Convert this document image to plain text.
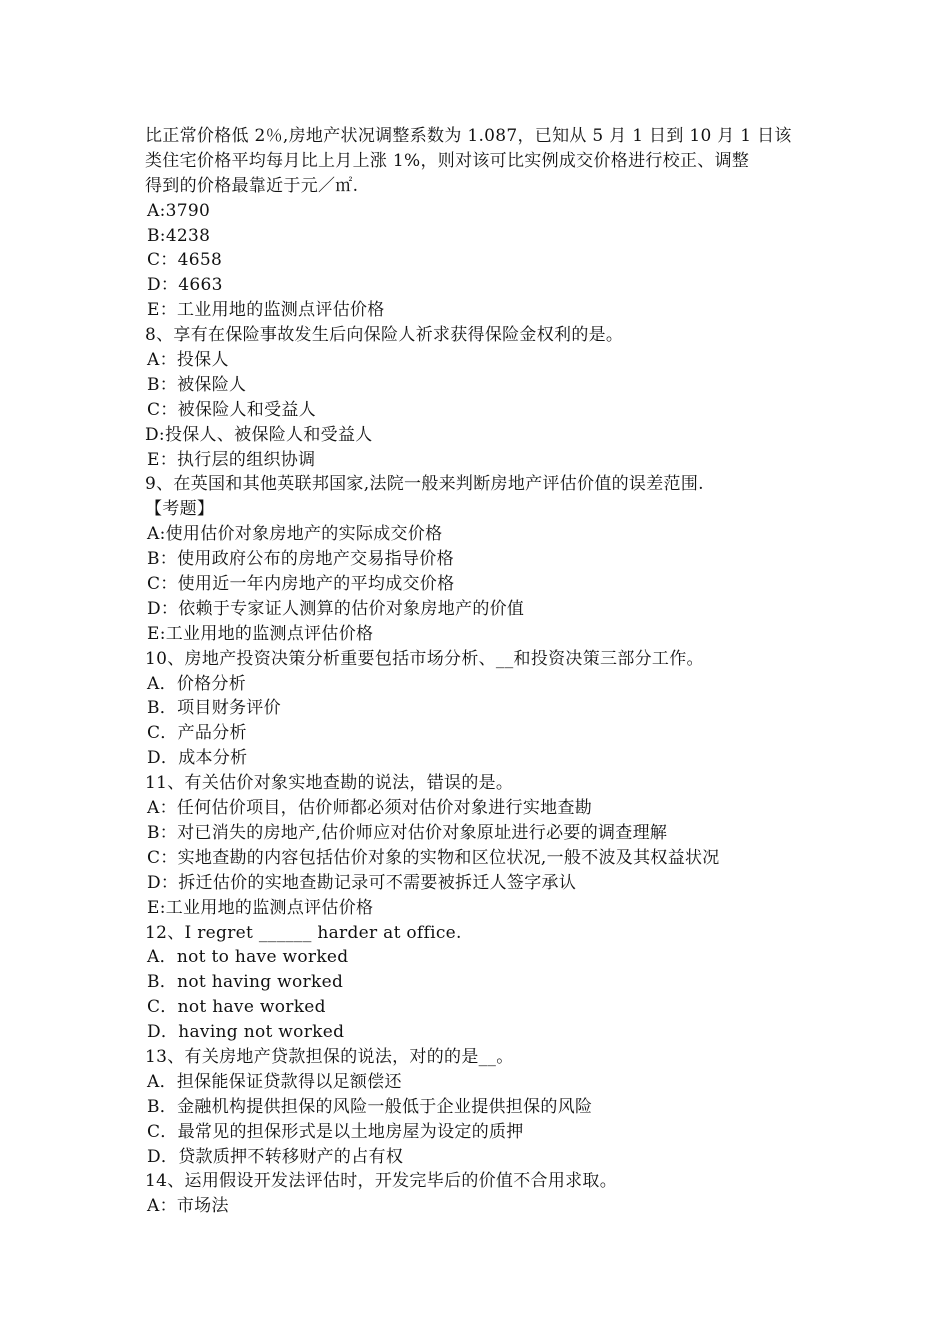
比正常价格低 2％,房地产状况调整系数为 1.087，已知从 5 月 1 日到 10 月 1 日该
类住宅价格平均每月比上月上涨 1%，则对该可比实例成交价格进行校正、调整
得到的价格最靠近于元／㎡.
A:3790
B:4238
C：4658
D：4663
E：工业用地的监测点评估价格
8、享有在保险事故发生后向保险人祈求获得保险金权利的是。
A：投保人
B：被保险人
C：被保险人和受益人
D:投保人、被保险人和受益人
E：执行层的组织协调
9、在英国和其他英联邦国家,法院一般来判断房地产评估价值的误差范围.
【考题】
A:使用估价对象房地产的实际成交价格
B：使用政府公布的房地产交易指导价格
C：使用近一年内房地产的平均成交价格
D：依赖于专家证人测算的估价对象房地产的价值
E:工业用地的监测点评估价格
10、房地产投资决策分析重要包括市场分析、__和投资决策三部分工作。
A．价格分析
B．项目财务评价
C．产品分析
D．成本分析
11、有关估价对象实地查勘的说法，错误的是。
A：任何估价项目，估价师都必须对估价对象进行实地查勘
B：对已消失的房地产,估价师应对估价对象原址进行必要的调查理解
C：实地查勘的内容包括估价对象的实物和区位状况,一般不波及其权益状况
D：拆迁估价的实地查勘记录可不需要被拆迁人签字承认
E:工业用地的监测点评估价格
12、I regret ______ harder at office.
A．not to have worked
B．not having worked
C．not have worked
D．having not worked
13、有关房地产贷款担保的说法，对的的是__。
A．担保能保证贷款得以足额偿还
B．金融机构提供担保的风险一般低于企业提供担保的风险
C．最常见的担保形式是以土地房屋为设定的质押
D．贷款质押不转移财产的占有权
14、运用假设开发法评估时，开发完毕后的价值不合用求取。
A：市场法
